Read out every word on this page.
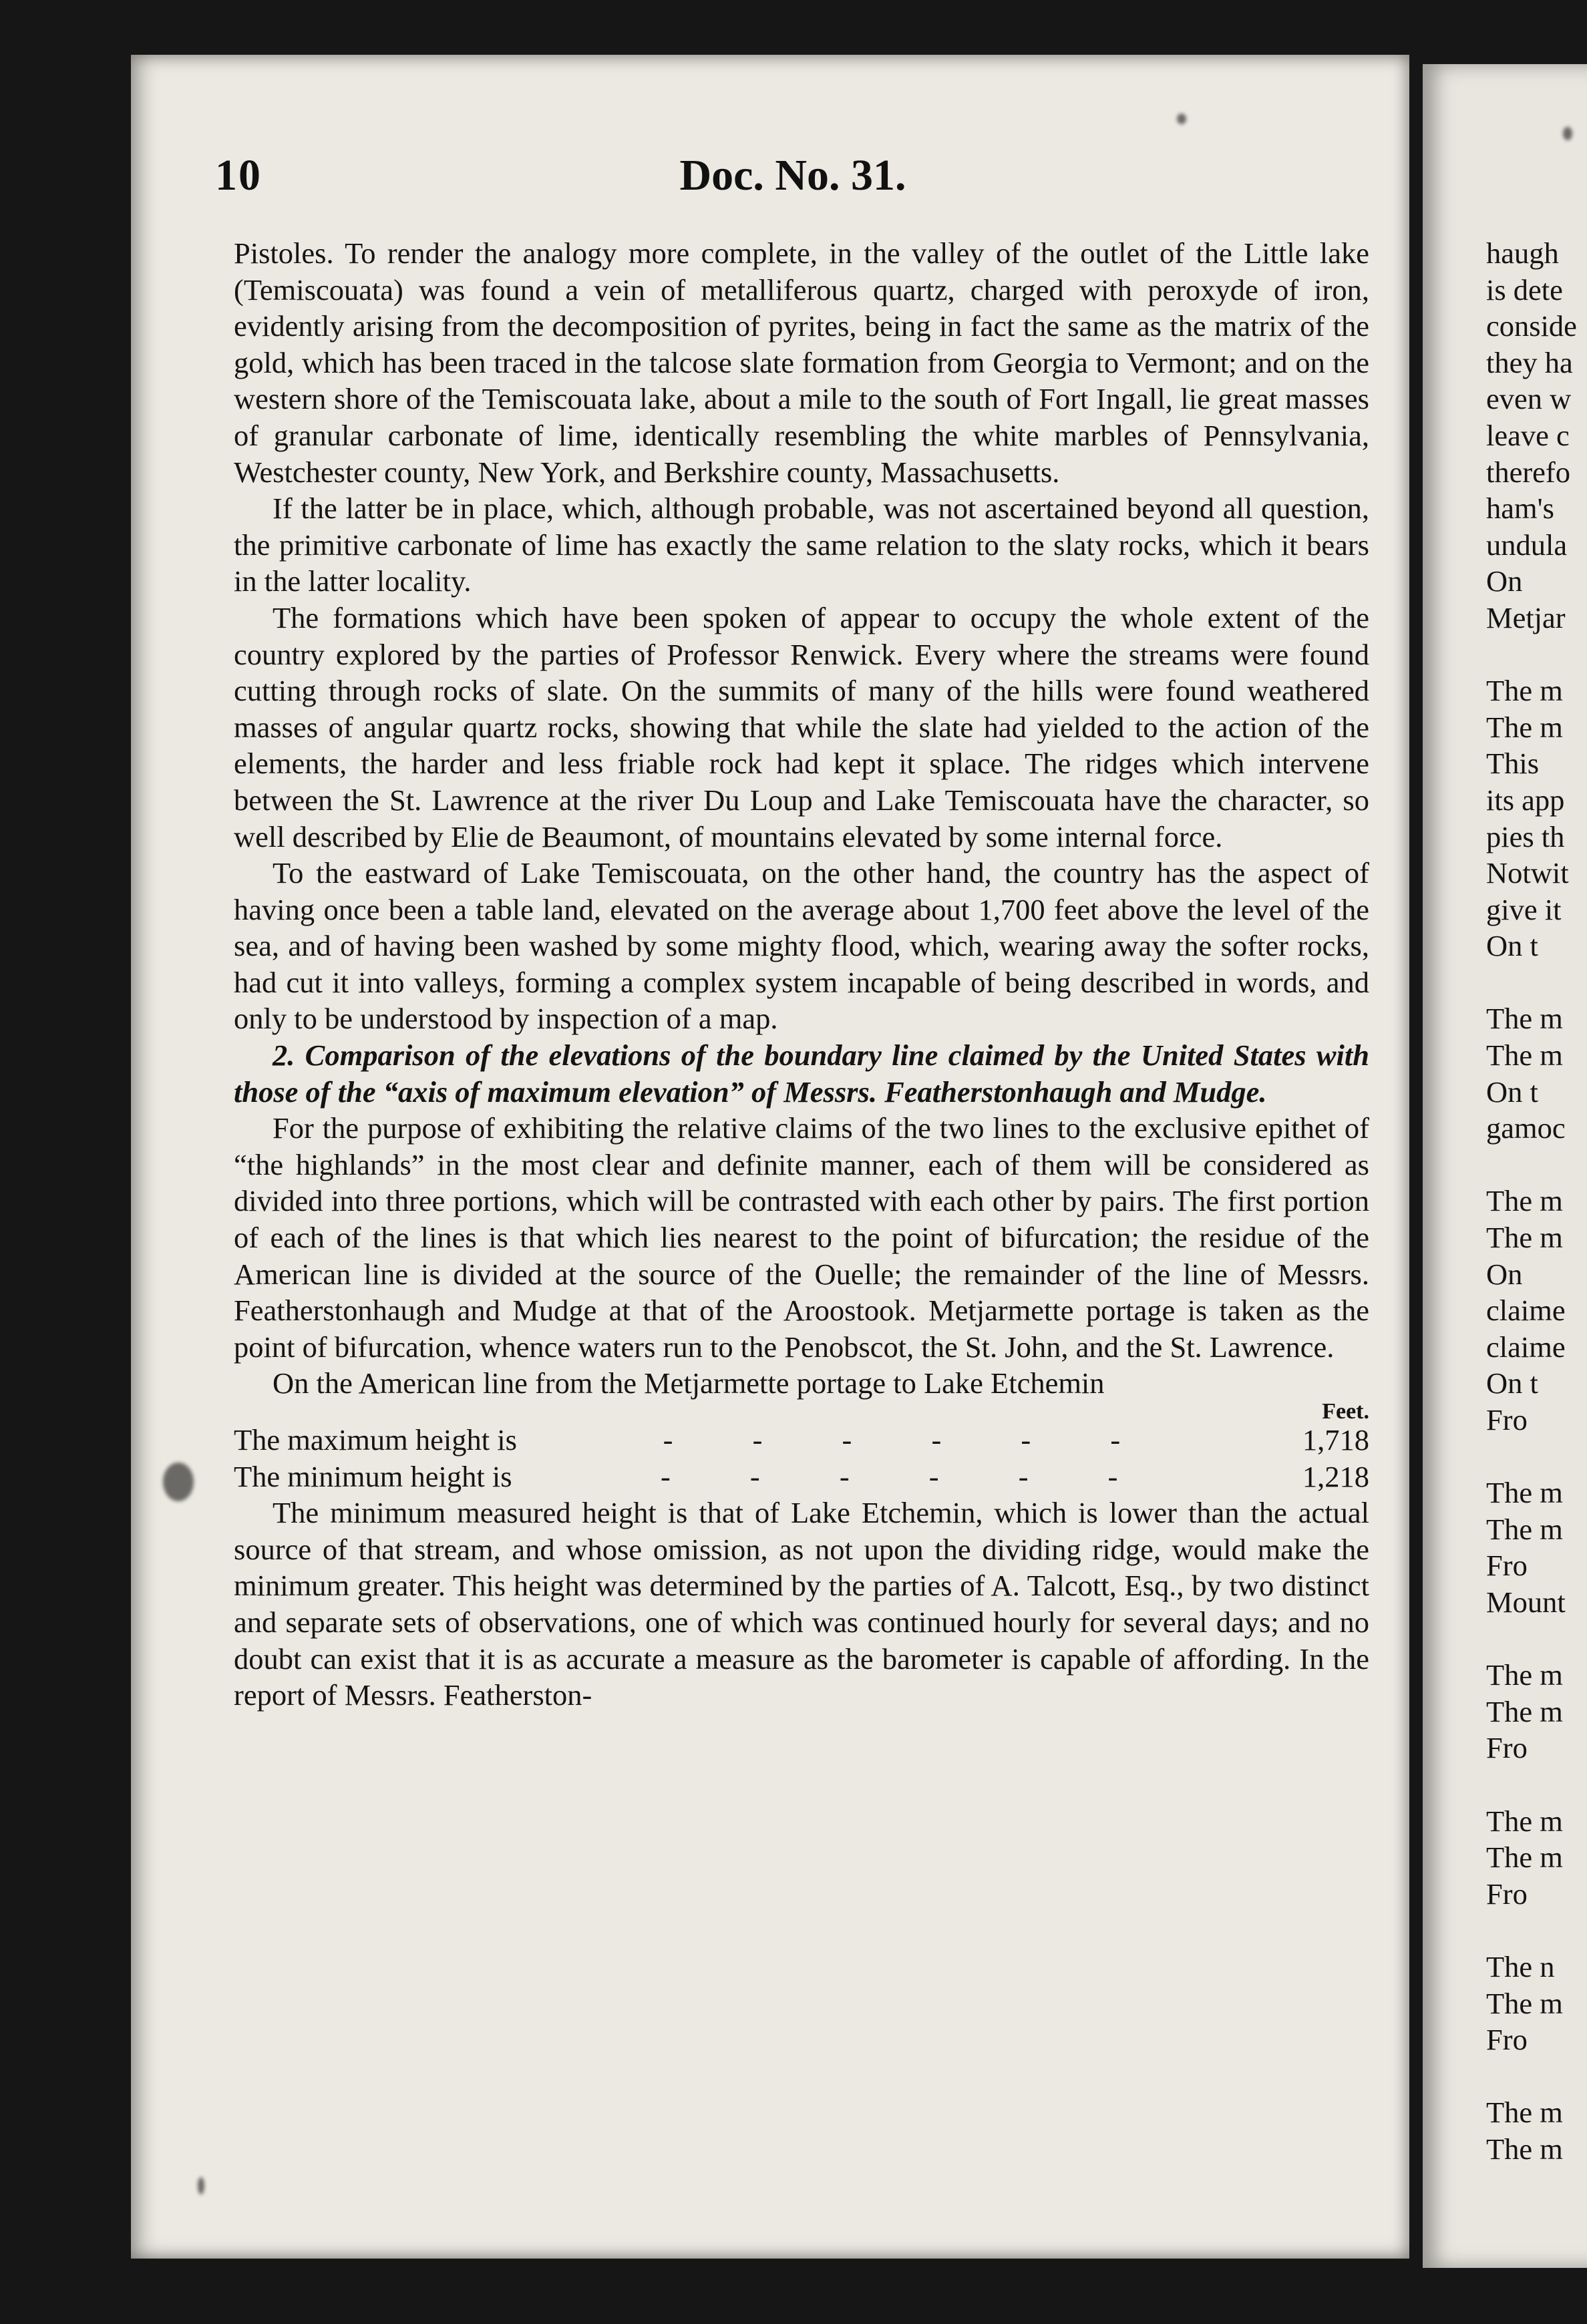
10	Doc. No. 31.

Pistoles. To render the analogy more complete, in the valley of the outlet of the Little lake (Temiscouata) was found a vein of metalliferous quartz, charged with peroxyde of iron, evidently arising from the decomposition of pyrites, being in fact the same as the matrix of the gold, which has been traced in the talcose slate formation from Georgia to Vermont; and on the western shore of the Temiscouata lake, about a mile to the south of Fort Ingall, lie great masses of granular carbonate of lime, identically resembling the white marbles of Pennsylvania, Westchester county, New York, and Berkshire county, Massachusetts.

If the latter be in place, which, although probable, was not ascertained beyond all question, the primitive carbonate of lime has exactly the same relation to the slaty rocks, which it bears in the latter locality.

The formations which have been spoken of appear to occupy the whole extent of the country explored by the parties of Professor Renwick. Every where the streams were found cutting through rocks of slate. On the summits of many of the hills were found weathered masses of angular quartz rocks, showing that while the slate had yielded to the action of the elements, the harder and less friable rock had kept it splace. The ridges which intervene between the St. Lawrence at the river Du Loup and Lake Temiscouata have the character, so well described by Elie de Beaumont, of mountains elevated by some internal force.

To the eastward of Lake Temiscouata, on the other hand, the country has the aspect of having once been a table land, elevated on the average about 1,700 feet above the level of the sea, and of having been washed by some mighty flood, which, wearing away the softer rocks, had cut it into valleys, forming a complex system incapable of being described in words, and only to be understood by inspection of a map.

2. Comparison of the elevations of the boundary line claimed by the United States with those of the “axis of maximum elevation” of Messrs. Featherstonhaugh and Mudge.

For the purpose of exhibiting the relative claims of the two lines to the exclusive epithet of “the highlands” in the most clear and definite manner, each of them will be considered as divided into three portions, which will be contrasted with each other by pairs. The first portion of each of the lines is that which lies nearest to the point of bifurcation; the residue of the American line is divided at the source of the Ouelle; the remainder of the line of Messrs. Featherstonhaugh and Mudge at that of the Aroostook. Metjarmette portage is taken as the point of bifurcation, whence waters run to the Penobscot, the St. John, and the St. Lawrence.

On the American line from the Metjarmette portage to Lake Etchemin

Feet.

The maximum height is	- - - - - -	1,718
The minimum height is	- - - - - -	1,218

The minimum measured height is that of Lake Etchemin, which is lower than the actual source of that stream, and whose omission, as not upon the dividing ridge, would make the minimum greater. This height was determined by the parties of A. Talcott, Esq., by two distinct and separate sets of observations, one of which was continued hourly for several days; and no doubt can exist that it is as accurate a measure as the barometer is capable of affording. In the report of Messrs. Featherston-

haugh
is dete
conside
they ha
even w
leave c
therefo
ham's
undula
On
Metjar
The m
The m
This
its app
pies th
Notwit
give it
On t
The m
The m
On t
gamoc
The m
The m
On
claime
claime
On t
Fro
The m
The m
Fro
Mount
The m
The m
Fro
The m
The m
Fro
The n
The m
Fro
The m
The m
